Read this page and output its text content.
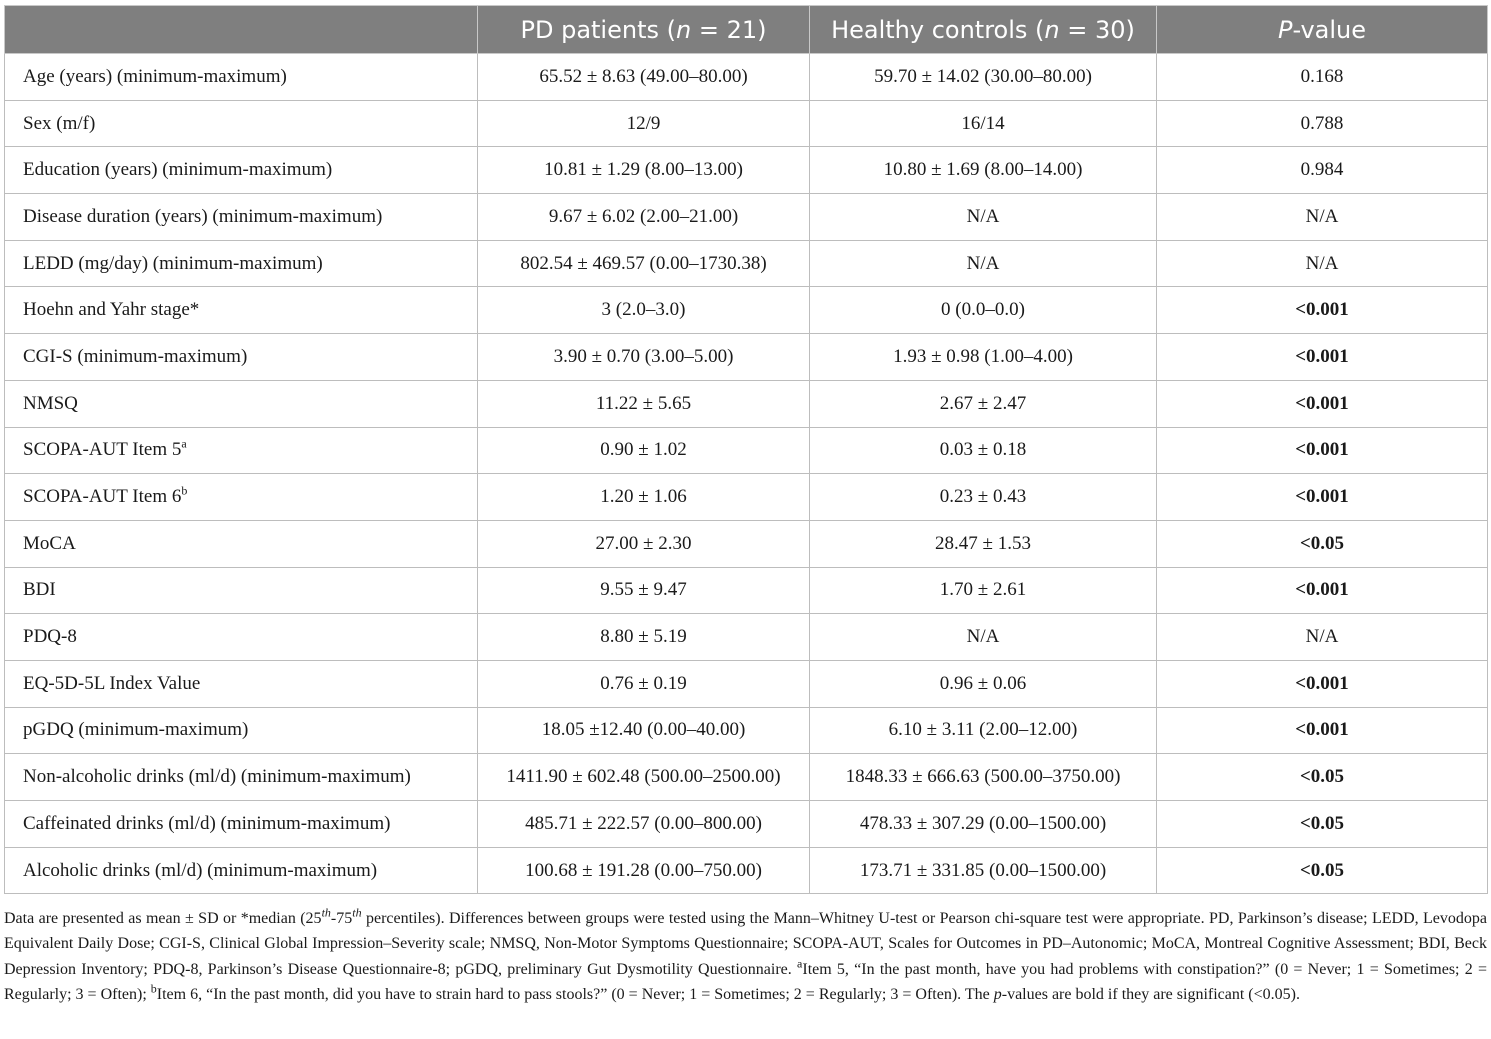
	PD patients (n = 21)	Healthy controls (n = 30)	P-value
Age (years) (minimum-maximum)	65.52 ± 8.63 (49.00–80.00)	59.70 ± 14.02 (30.00–80.00)	0.168
Sex (m/f)	12/9	16/14	0.788
Education (years) (minimum-maximum)	10.81 ± 1.29 (8.00–13.00)	10.80 ± 1.69 (8.00–14.00)	0.984
Disease duration (years) (minimum-maximum)	9.67 ± 6.02 (2.00–21.00)	N/A	N/A
LEDD (mg/day) (minimum-maximum)	802.54 ± 469.57 (0.00–1730.38)	N/A	N/A
Hoehn and Yahr stage*	3 (2.0–3.0)	0 (0.0–0.0)	<0.001
CGI-S (minimum-maximum)	3.90 ± 0.70 (3.00–5.00)	1.93 ± 0.98 (1.00–4.00)	<0.001
NMSQ	11.22 ± 5.65	2.67 ± 2.47	<0.001
SCOPA-AUT Item 5$^a$	0.90 ± 1.02	0.03 ± 0.18	<0.001
SCOPA-AUT Item 6$^b$	1.20 ± 1.06	0.23 ± 0.43	<0.001
MoCA	27.00 ± 2.30	28.47 ± 1.53	<0.05
BDI	9.55 ± 9.47	1.70 ± 2.61	<0.001
PDQ-8	8.80 ± 5.19	N/A	N/A
EQ-5D-5L Index Value	0.76 ± 0.19	0.96 ± 0.06	<0.001
pGDQ (minimum-maximum)	18.05 ±12.40 (0.00–40.00)	6.10 ± 3.11 (2.00–12.00)	<0.001
Non-alcoholic drinks (ml/d) (minimum-maximum)	1411.90 ± 602.48 (500.00–2500.00)	1848.33 ± 666.63 (500.00–3750.00)	<0.05
Caffeinated drinks (ml/d) (minimum-maximum)	485.71 ± 222.57 (0.00–800.00)	478.33 ± 307.29 (0.00–1500.00)	<0.05
Alcoholic drinks (ml/d) (minimum-maximum)	100.68 ± 191.28 (0.00–750.00)	173.71 ± 331.85 (0.00–1500.00)	<0.05

Data are presented as mean ± SD or *median (25th-75th percentiles). Differences between groups were tested using the Mann–Whitney U-test or Pearson chi-square test were appropriate. PD, Parkinson’s disease; LEDD, Levodopa Equivalent Daily Dose; CGI-S, Clinical Global Impression–Severity scale; NMSQ, Non-Motor Symptoms Questionnaire; SCOPA-AUT, Scales for Outcomes in PD–Autonomic; MoCA, Montreal Cognitive Assessment; BDI, Beck Depression Inventory; PDQ-8, Parkinson’s Disease Questionnaire-8; pGDQ, preliminary Gut Dysmotility Questionnaire. $^a$Item 5, “In the past month, have you had problems with constipation?” (0 = Never; 1 = Sometimes; 2 = Regularly; 3 = Often); $^b$Item 6, “In the past month, did you have to strain hard to pass stools?” (0 = Never; 1 = Sometimes; 2 = Regularly; 3 = Often). The p-values are bold if they are significant (<0.05).
